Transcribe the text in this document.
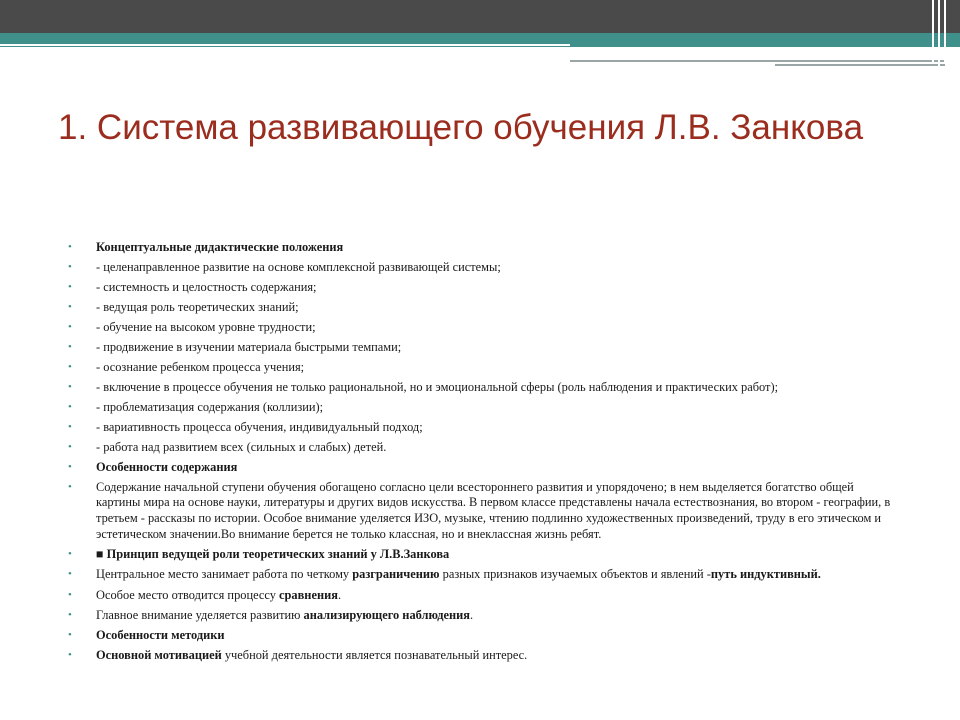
1. Система развивающего обучения Л.В. Занкова
• Концептуальные дидактические положения
• - целенаправленное развитие на основе комплексной развивающей системы;
• - системность и целостность содержания;
• - ведущая роль теоретических знаний;
• - обучение на высоком уровне трудности;
• - продвижение в изучении материала быстрыми темпами;
• - осознание ребенком процесса учения;
• - включение в процессе обучения не только рациональной, но и эмоциональной сферы (роль наблюдения и практических работ);
• - проблематизация содержания (коллизии);
• - вариативность процесса обучения, индивидуальный подход;
• - работа над развитием всех (сильных и слабых) детей.
• Особенности содержания
• Содержание начальной ступени обучения обогащено согласно цели всестороннего развития и упорядочено; в нем выделяется богатство общей картины мира на основе науки, литературы и других видов искусства. В первом классе представлены начала естествознания, во втором - географии, в третьем - рассказы по истории. Особое внимание уделяется ИЗО, музыке, чтению подлинно художественных произведений, труду в его этическом и эстетическом значении.Во внимание берется не только классная, но и внеклассная жизнь ребят.
• ■ Принцип ведущей роли теоретических знаний у Л.В.Занкова
• Центральное место занимает работа по четкому разграничению разных признаков изучаемых объектов и явлений -путь индуктивный.
• Особое место отводится процессу сравнения.
• Главное внимание уделяется развитию анализирующего наблюдения.
• Особенности методики
• Основной мотивацией учебной деятельности является познавательный интерес.
